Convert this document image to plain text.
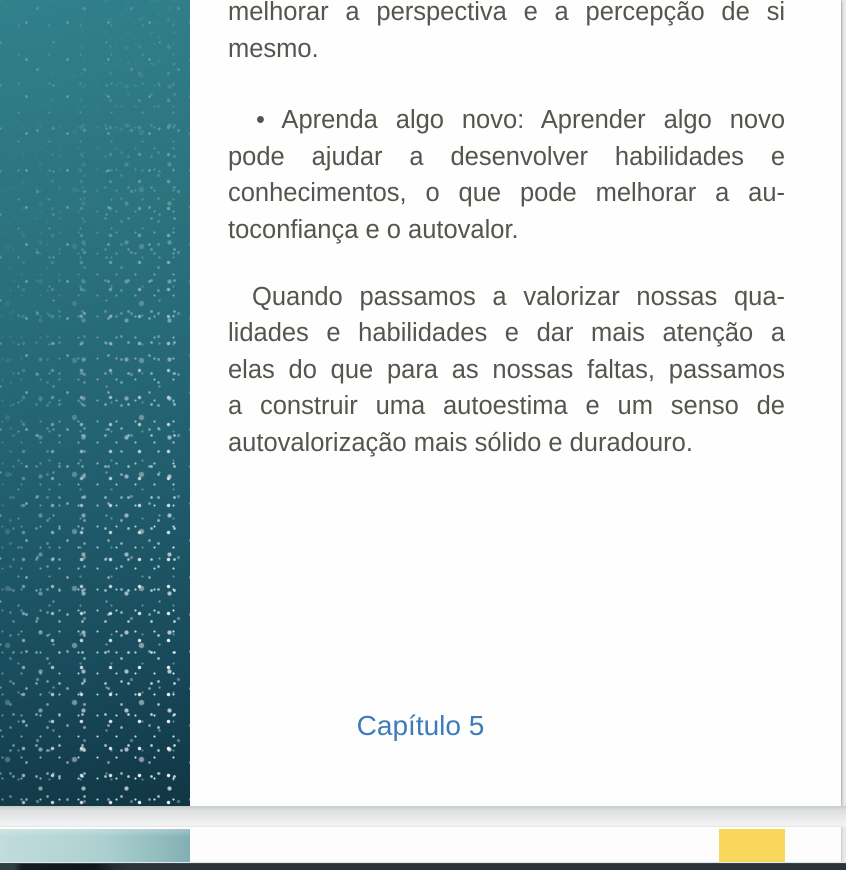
melhorar a perspectiva e a percepção de si
mesmo.
• Aprenda algo novo: Aprender algo novo
pode ajudar a desenvolver habilidades e
conhecimentos, o que pode melhorar a au-
toconfiança e o autovalor.
Quando passamos a valorizar nossas qua-
lidades e habilidades e dar mais atenção a
elas do que para as nossas faltas, passamos
a construir uma autoestima e um senso de
autovalorização mais sólido e duradouro.
Capítulo 5
